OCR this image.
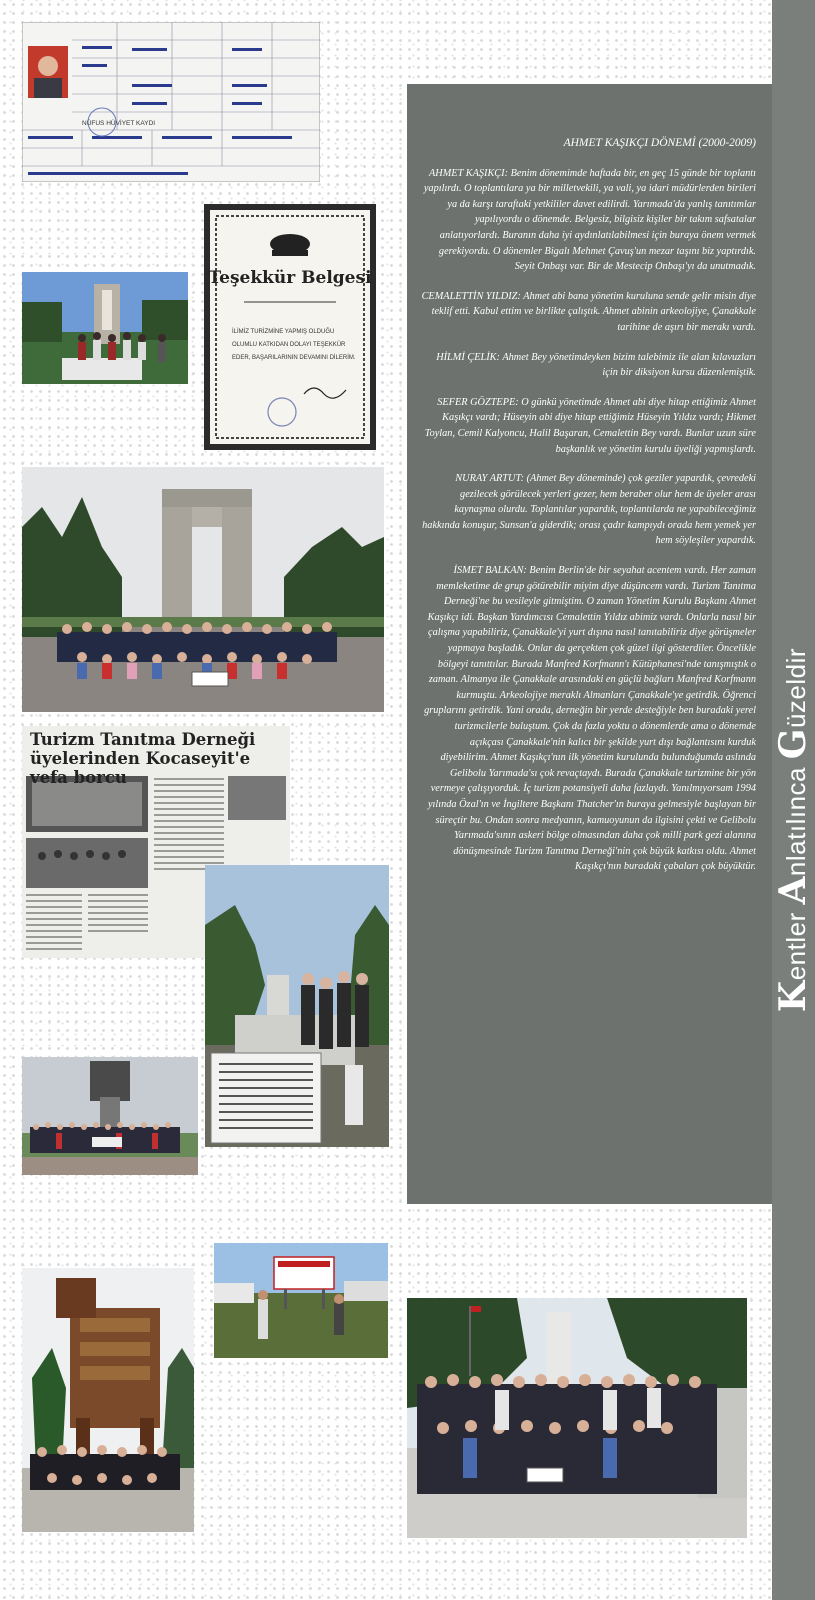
Kentler Anlatılınca Güzeldir
AHMET KAŞIKÇI DÖNEMİ (2000-2009)

AHMET KAŞIKÇI: Benim dönemimde haftada bir, en geç 15 günde bir toplantı yapılırdı. O toplantılara ya bir milletvekili, ya vali, ya idari müdürlerden birileri ya da karşı taraftaki yetkililer davet edilirdi. Yarımada'da yanlış tanıtımlar yapılıyordu o dönemde. Belgesiz, bilgisiz kişiler bir takım safsatalar anlatıyorlardı. Buranın daha iyi aydınlatılabilmesi için buraya önem vermek gerekiyordu. O dönemler Bigalı Mehmet Çavuş'un mezar taşını biz yaptırdık. Seyit Onbaşı var. Bir de Mestecip Onbaşı'yı da unutmadık.

CEMALETTİN YILDIZ: Ahmet abi bana yönetim kuruluna sende gelir misin diye teklif etti. Kabul ettim ve birlikte çalıştık. Ahmet abinin arkeolojiye, Çanakkale tarihine de aşırı bir merakı vardı.

HİLMİ ÇELİK: Ahmet Bey yönetimdeyken bizim talebimiz ile alan kılavuzları için bir diksiyon kursu düzenlemiştik.

SEFER GÖZTEPE: O günkü yönetimde Ahmet abi diye hitap ettiğimiz Ahmet Kaşıkçı vardı; Hüseyin abi diye hitap ettiğimiz Hüseyin Yıldız vardı; Hikmet Toylan, Cemil Kalyoncu, Halil Başaran, Cemalettin Bey vardı. Bunlar uzun süre başkanlık ve yönetim kurulu üyeliği yapmışlardı.

NURAY ARTUT: (Ahmet Bey döneminde) çok geziler yapardık, çevredeki gezilecek görülecek yerleri gezer, hem beraber olur hem de üyeler arası kaynaşma olurdu. Toplantılar yapardık, toplantılarda ne yapabileceğimiz hakkında konuşur, Sunsan'a giderdik; orası çadır kampıydı orada hem yemek yer hem söyleşiler yapardık.

İSMET BALKAN: Benim Berlin'de bir seyahat acentem vardı. Her zaman memleketime de grup götürebilir miyim diye düşüncem vardı. Turizm Tanıtma Derneği'ne bu vesileyle gitmiştim. O zaman Yönetim Kurulu Başkanı Ahmet Kaşıkçı idi. Başkan Yardımcısı Cemalettin Yıldız abimiz vardı. Onlarla nasıl bir çalışma yapabiliriz, Çanakkale'yi yurt dışına nasıl tanıtabiliriz diye görüşmeler yapmaya başladık. Onlar da gerçekten çok güzel ilgi gösterdiler. Öncelikle bölgeyi tanıttılar. Burada Manfred Korfmann'ı Kütüphanesi'nde tanışmıştık o zaman. Almanya ile Çanakkale arasındaki en güçlü bağları Manfred Korfmann kurmuştu. Arkeolojiye meraklı Almanları Çanakkale'ye getirdik. Öğrenci gruplarını getirdik. Yani orada, derneğin bir yerde desteğiyle ben buradaki yerel turizmcilerle buluştum. Çok da fazla yoktu o dönemlerde ama o dönemde açıkçası Çanakkale'nin kalıcı bir şekilde yurt dışı bağlantısını kurduk diyebilirim. Ahmet Kaşıkçı'nın ilk yönetim kurulunda bulunduğumda aslında Gelibolu Yarımada'sı çok revaçtaydı. Burada Çanakkale turizmine bir yön vermeye çalışıyorduk. İç turizm potansiyeli daha fazlaydı. Yanılmıyorsam 1994 yılında Özal'ın ve İngiltere Başkanı Thatcher'ın buraya gelmesiyle başlayan bir süreçtir bu. Ondan sonra medyanın, kamuoyunun da ilgisini çekti ve Gelibolu Yarımada'sının askeri bölge olmasından daha çok milli park gezi alanına dönüşmesinde Turizm Tanıtma Derneği'nin çok büyük katkısı oldu. Ahmet Kaşıkçı'nın buradaki çabaları çok büyüktür.

NÜFUS HÜVİYET KAYDI
Teşekkür Belgesi
İLİMİZ TURİZMİNE YAPMIŞ OLDUĞU OLUMLU KATKIDAN DOLAYI TEŞEKKÜR EDER, BAŞARILARININ DEVAMINI DİLERİM.
Turizm Tanıtma Derneği üyelerinden Kocaseyit'e vefa borcu
